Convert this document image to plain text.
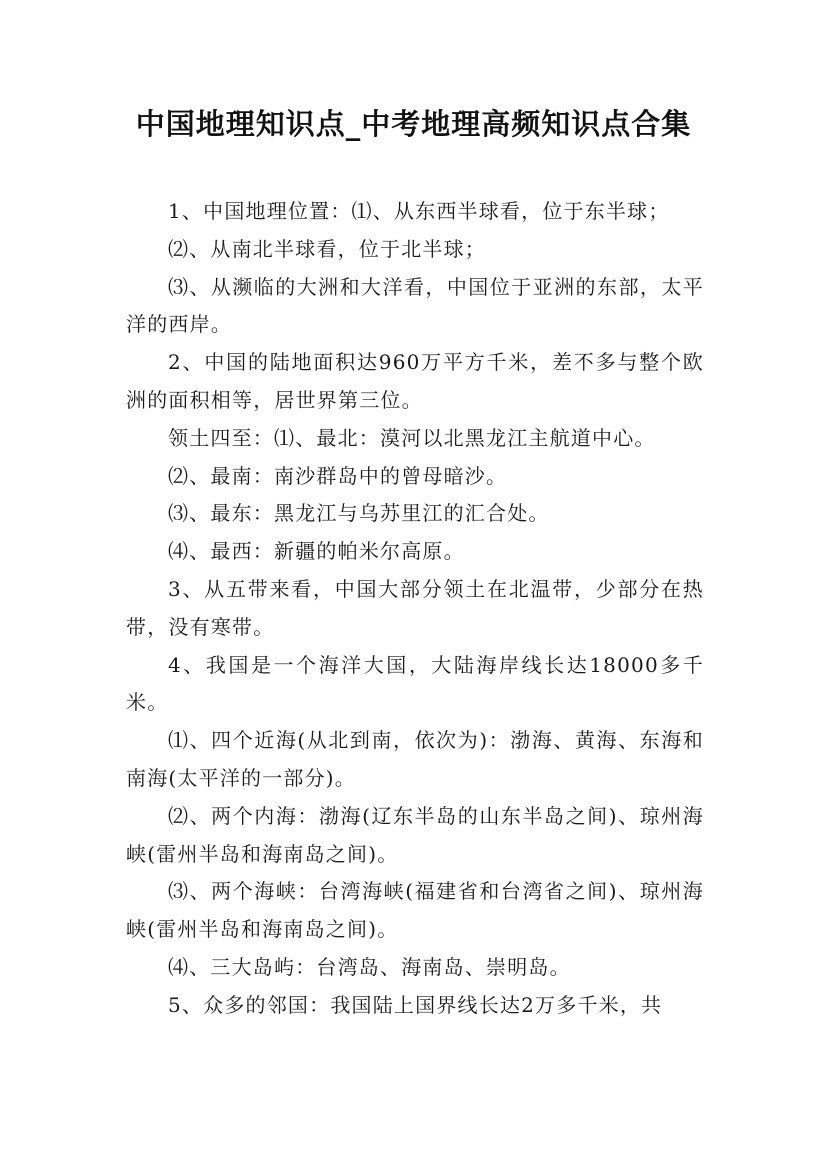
中国地理知识点_中考地理高频知识点合集

1、中国地理位置：⑴、从东西半球看，位于东半球；

⑵、从南北半球看，位于北半球；

⑶、从濒临的大洲和大洋看，中国位于亚洲的东部，太平洋的西岸。

2、中国的陆地面积达960万平方千米，差不多与整个欧洲的面积相等，居世界第三位。

领土四至：⑴、最北：漠河以北黑龙江主航道中心。

⑵、最南：南沙群岛中的曾母暗沙。

⑶、最东：黑龙江与乌苏里江的汇合处。

⑷、最西：新疆的帕米尔高原。

3、从五带来看，中国大部分领土在北温带，少部分在热带，没有寒带。

4、我国是一个海洋大国，大陆海岸线长达18000多千米。

⑴、四个近海(从北到南，依次为)：渤海、黄海、东海和南海(太平洋的一部分)。

⑵、两个内海：渤海(辽东半岛的山东半岛之间)、琼州海峡(雷州半岛和海南岛之间)。

⑶、两个海峡：台湾海峡(福建省和台湾省之间)、琼州海峡(雷州半岛和海南岛之间)。

⑷、三大岛屿：台湾岛、海南岛、崇明岛。

5、众多的邻国：我国陆上国界线长达2万多千米，共
